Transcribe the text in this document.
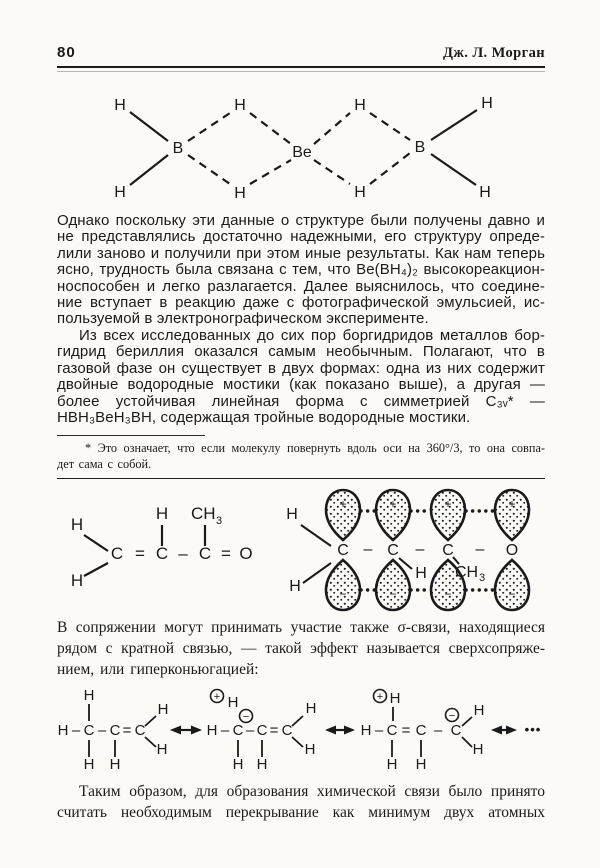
80	Дж. Л. Морган
H	H	H	H
B	Be	B
H	H	H	H
Однако поскольку эти данные о структуре были получены давно и
не представлялись достаточно надежными, его структуру опреде-
лили заново и получили при этом иные результаты. Как нам теперь
ясно, трудность была связана с тем, что Be(BH₄)₂ высокореакцион-
носпособен и легко разлагается. Далее выяснилось, что соедине-
ние вступает в реакцию даже с фотографической эмульсией, ис-
пользуемой в электронографическом эксперименте.
Из всех исследованных до сих пор боргидридов металлов бор-
гидрид бериллия оказался самым необычным. Полагают, что в
газовой фазе он существует в двух формах: одна из них содержит
двойные водородные мостики (как показано выше), а другая —
более устойчивая линейная форма с симметрией C₃ᵥ* —
HBH₃BeH₃BH, содержащая тройные водородные мостики.
* Это означает, что если молекулу повернуть вдоль оси на 360°/3, то она совпа-
дет сама с собой.
H
H
H
C = C – C = O
CH 3	H
H
C – C – C – O
H CH 3
+	+	+	+
−	−	−	−
В сопряжении могут принимать участие также σ-связи, находящиеся
рядом с кратной связью, — такой эффект называется сверхсопряже-
нием, или гиперконьюгацией:
H
H – C – C = C
H
H
H H
+
−
H
H – C – C = C
H
H
H H
+
−
H
H – C = C – C
H
H
H H
•••
Таким образом, для образования химической связи было принято
считать необходимым перекрывание как минимум двух атомных
